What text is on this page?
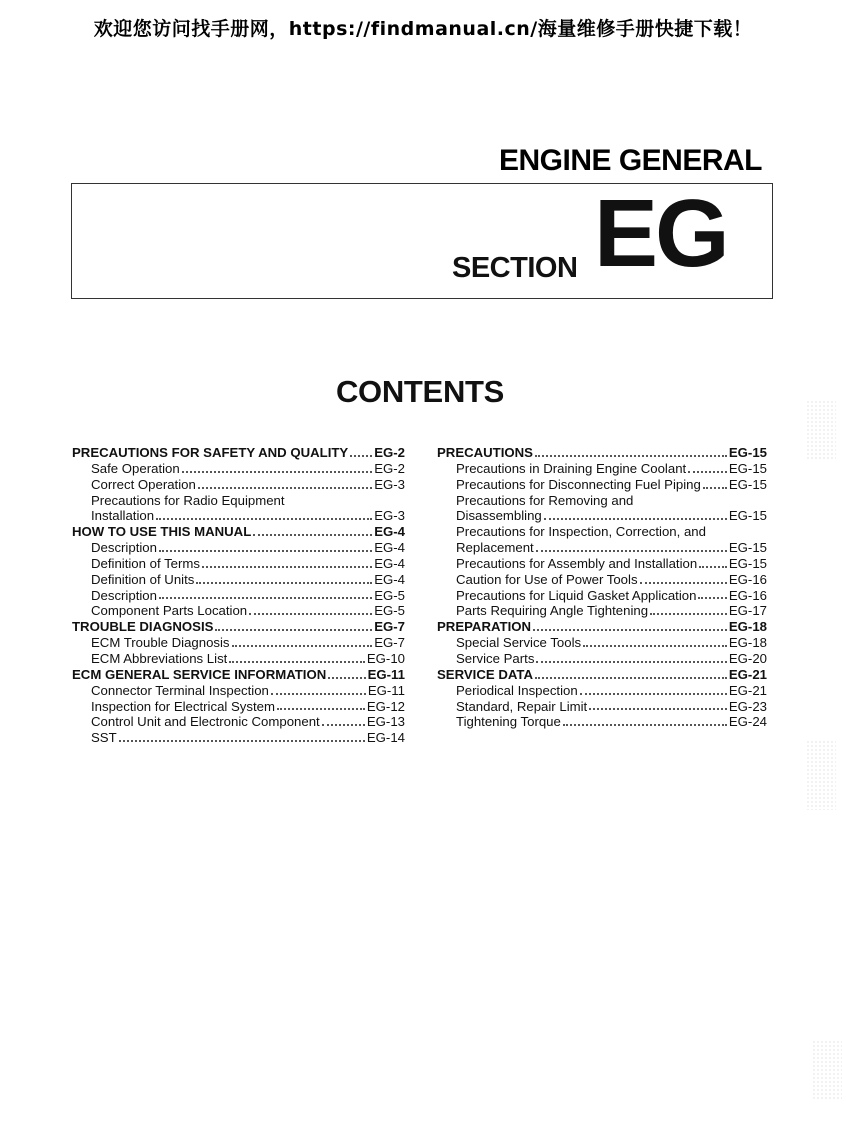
欢迎您访问找手册网，https://findmanual.cn/海量维修手册快捷下载！
ENGINE GENERAL
SECTION EG
CONTENTS
PRECAUTIONS FOR SAFETY AND QUALITY EG-2
Safe Operation	EG-2
Correct Operation	EG-3
Precautions for Radio Equipment
Installation	EG-3
HOW TO USE THIS MANUAL	EG-4
Description	EG-4
Definition of Terms	EG-4
Definition of Units	EG-4
Description	EG-5
Component Parts Location	EG-5
TROUBLE DIAGNOSIS	EG-7
ECM Trouble Diagnosis	EG-7
ECM Abbreviations List	EG-10
ECM GENERAL SERVICE INFORMATION	EG-11
Connector Terminal Inspection	EG-11
Inspection for Electrical System	EG-12
Control Unit and Electronic Component	EG-13
SST	EG-14
PRECAUTIONS	EG-15
Precautions in Draining Engine Coolant	EG-15
Precautions for Disconnecting Fuel Piping EG-15
Precautions for Removing and
Disassembling	EG-15
Precautions for Inspection, Correction, and
Replacement	EG-15
Precautions for Assembly and Installation EG-15
Caution for Use of Power Tools	EG-16
Precautions for Liquid Gasket Application EG-16
Parts Requiring Angle Tightening	EG-17
PREPARATION	EG-18
Special Service Tools	EG-18
Service Parts	EG-20
SERVICE DATA	EG-21
Periodical Inspection	EG-21
Standard, Repair Limit	EG-23
Tightening Torque	EG-24
